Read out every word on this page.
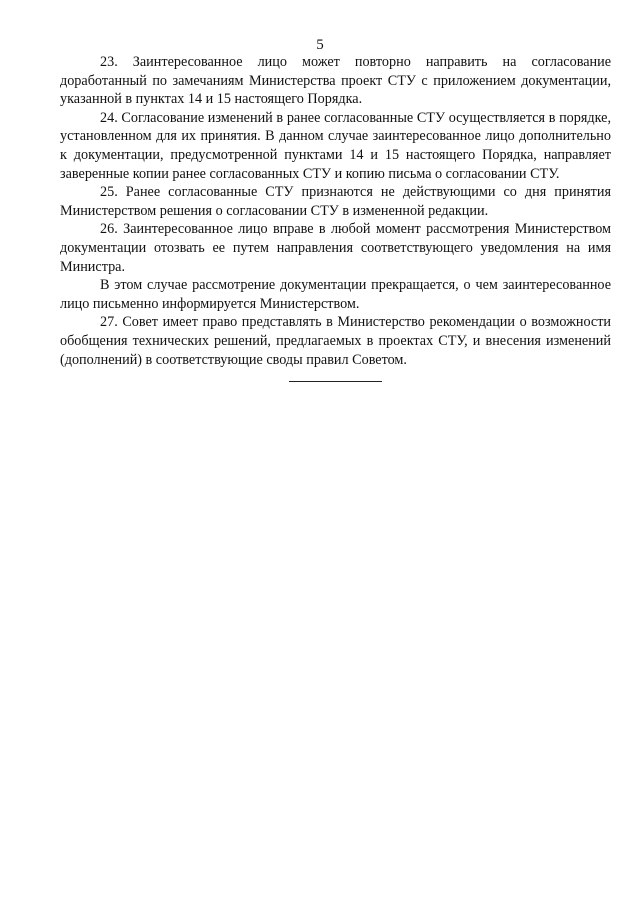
5

23. Заинтересованное лицо может повторно направить на согласование доработанный по замечаниям Министерства проект СТУ с приложением документации, указанной в пунктах 14 и 15 настоящего Порядка.

24. Согласование изменений в ранее согласованные СТУ осуществляется в порядке, установленном для их принятия. В данном случае заинтересованное лицо дополнительно к документации, предусмотренной пунктами 14 и 15 настоящего Порядка, направляет заверенные копии ранее согласованных СТУ и копию письма о согласовании СТУ.

25. Ранее согласованные СТУ признаются не действующими со дня принятия Министерством решения о согласовании СТУ в измененной редакции.

26. Заинтересованное лицо вправе в любой момент рассмотрения Министерством документации отозвать ее путем направления соответствующего уведомления на имя Министра.

В этом случае рассмотрение документации прекращается, о чем заинтересованное лицо письменно информируется Министерством.

27. Совет имеет право представлять в Министерство рекомендации о возможности обобщения технических решений, предлагаемых в проектах СТУ, и внесения изменений (дополнений) в соответствующие своды правил Советом.
